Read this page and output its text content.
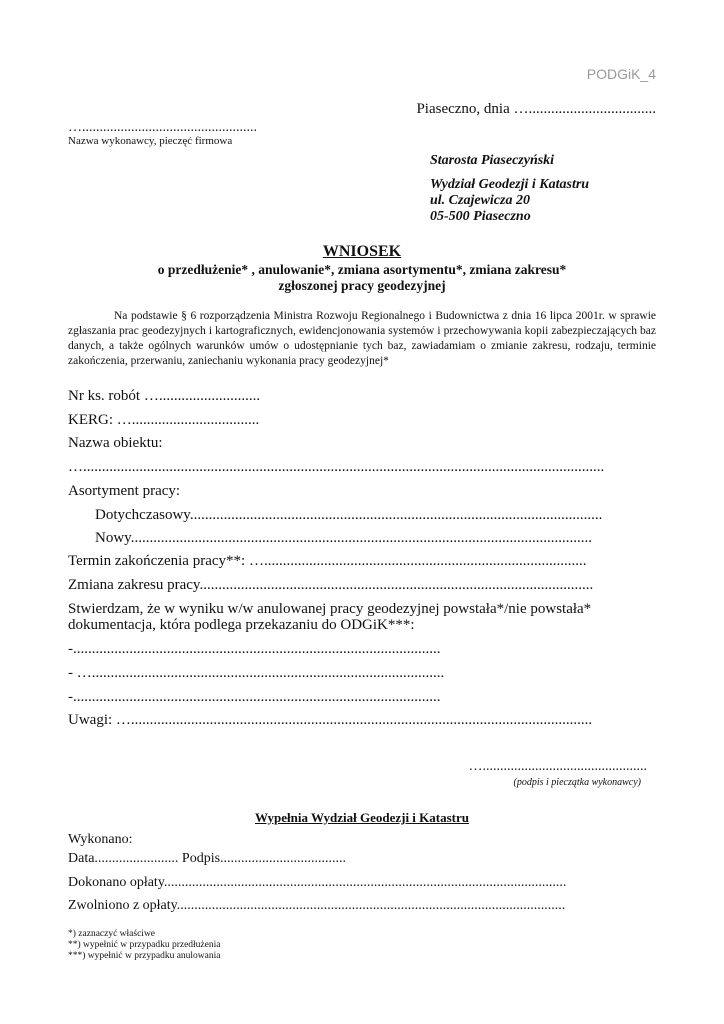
PODGiK_4
Piaseczno, dnia …..................................
…..................................................
Nazwa wykonawcy, pieczęć firmowa
Starosta Piaseczyński
Wydział Geodezji i Katastru
ul. Czajewicza 20
05-500 Piaseczno
WNIOSEK
o przedłużenie* , anulowanie*, zmiana asortymentu*, zmiana zakresu*
zgłoszonej pracy geodezyjnej
Na podstawie § 6 rozporządzenia Ministra Rozwoju Regionalnego i Budownictwa z dnia 16 lipca 2001r. w sprawie zgłaszania prac geodezyjnych i kartograficznych, ewidencjonowania systemów i przechowywania kopii zabezpieczających baz danych, a także ogólnych warunków umów o udostępnianie tych baz, zawiadamiam o zmianie zakresu, rodzaju, terminie zakończenia, przerwaniu, zaniechaniu wykonania pracy geodezyjnej*
Nr ks. robót …...........................
KERG: …..................................
Nazwa obiektu:
…...........................................................................................................................................
Asortyment pracy:
Dotychczasowy..............................................................................................................
Nowy...........................................................................................................................
Termin zakończenia pracy**: …......................................................................................
Zmiana zakresu pracy.........................................................................................................
Stwierdzam, że w wyniku w/w anulowanej pracy geodezyjnej powstała*/nie powstała*
dokumentacja, która podlega przekazaniu do ODGiK***:
-..................................................................................................
- …..............................................................................................
-..................................................................................................
Uwagi: …...........................................................................................................................
…...............................................
(podpis i pieczątka wykonawcy)
Wypełnia Wydział Geodezji i Katastru
Wykonano:
Data........................ Podpis....................................
Dokonano opłaty...................................................................................................................
Zwolniono z opłaty...............................................................................................................
*) zaznaczyć właściwe
**) wypełnić w przypadku przedłużenia
***) wypełnić w przypadku anulowania
